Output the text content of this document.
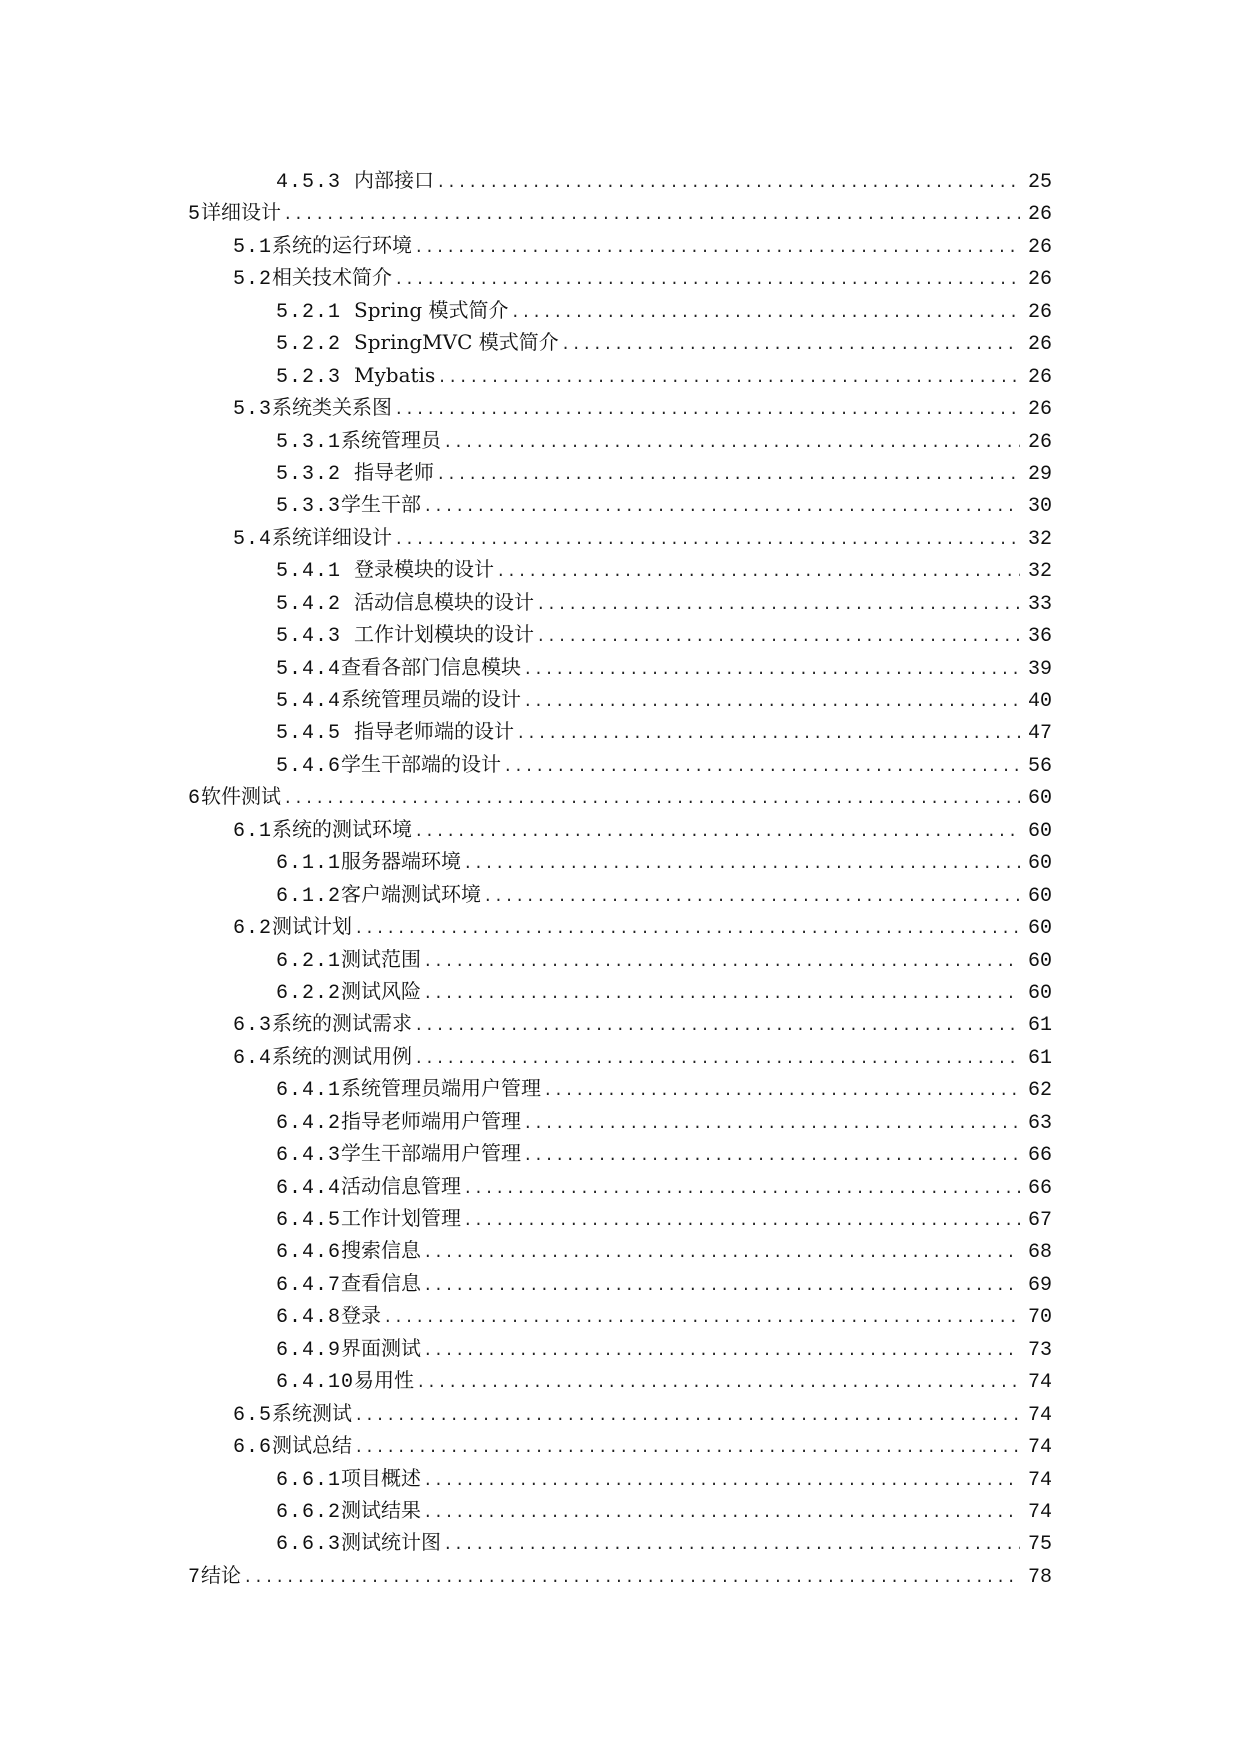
4.5.3 内部接口 .....	25
5 详细设计 .....	26
5.1 系统的运行环境 .....	26
5.2 相关技术简介 .....	26
5.2.1 Spring 模式简介 .....	26
5.2.2 SpringMVC 模式简介 .....	26
5.2.3 Mybatis .....	26
5.3 系统类关系图 .....	26
5.3.1 系统管理员 .....	26
5.3.2 指导老师 .....	29
5.3.3 学生干部 .....	30
5.4 系统详细设计 .....	32
5.4.1 登录模块的设计 .....	32
5.4.2 活动信息模块的设计 .....	33
5.4.3 工作计划模块的设计 .....	36
5.4.4 查看各部门信息模块 .....	39
5.4.4 系统管理员端的设计 .....	40
5.4.5 指导老师端的设计 .....	47
5.4.6 学生干部端的设计 .....	56
6 软件测试 .....	60
6.1 系统的测试环境 .....	60
6.1.1 服务器端环境 .....	60
6.1.2 客户端测试环境 .....	60
6.2 测试计划 .....	60
6.2.1 测试范围 .....	60
6.2.2 测试风险 .....	60
6.3 系统的测试需求 .....	61
6.4 系统的测试用例 .....	61
6.4.1 系统管理员端用户管理 .....	62
6.4.2 指导老师端用户管理 .....	63
6.4.3 学生干部端用户管理 .....	66
6.4.4 活动信息管理 .....	66
6.4.5 工作计划管理 .....	67
6.4.6 搜索信息 .....	68
6.4.7 查看信息 .....	69
6.4.8 登录 .....	70
6.4.9 界面测试 .....	73
6.4.10 易用性 .....	74
6.5 系统测试 .....	74
6.6 测试总结 .....	74
6.6.1 项目概述 .....	74
6.6.2 测试结果 .....	74
6.6.3 测试统计图 .....	75
7 结论 .....	78
